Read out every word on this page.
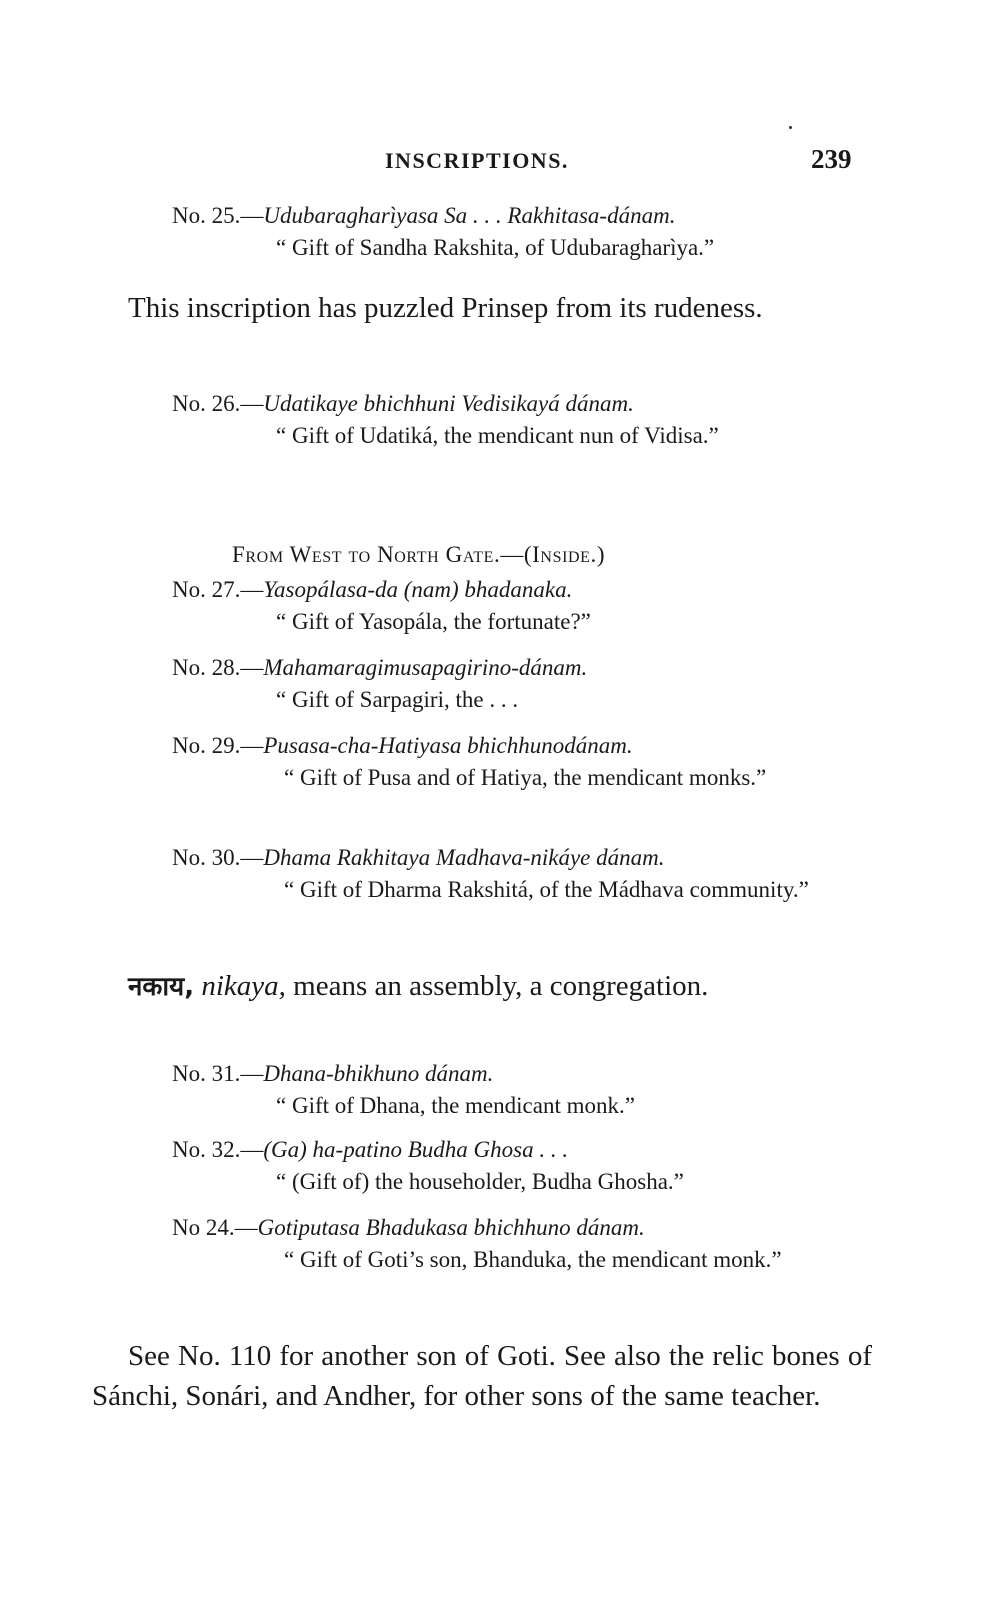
INSCRIPTIONS.	239
No. 25.—Udubaragharìyasa Sa . . . Rakhitasa-dánam.
“ Gift of Sandha Rakshita, of Udubaragharìya.”
This inscription has puzzled Prinsep from its rudeness.
No. 26.—Udatikaye bhichhuni Vedisikayá dánam.
“ Gift of Udatiká, the mendicant nun of Vidisa.”
From West to North Gate.—(Inside.)
No. 27.—Yasopálasa-da (nam) bhadanaka.
“ Gift of Yasopála, the fortunate?”
No. 28.—Mahamaragimusapagirino-dánam.
“ Gift of Sarpagiri, the . . .
No. 29.—Pusasa-cha-Hatiyasa bhichhunodánam.
“ Gift of Pusa and of Hatiya, the mendicant monks.”
No. 30.—Dhama Rakhitaya Madhava-nikáye dánam.
“ Gift of Dharma Rakshitá, of the Mádhava community.”
नकाय, nikaya, means an assembly, a congregation.
No. 31.—Dhana-bhikhuno dánam.
“ Gift of Dhana, the mendicant monk.”
No. 32.—(Ga) ha-patino Budha Ghosa . . .
“ (Gift of) the householder, Budha Ghosha.”
No 24.—Gotiputasa Bhadukasa bhichhuno dánam.
“ Gift of Goti’s son, Bhanduka, the mendicant monk.”
See No. 110 for another son of Goti. See also the relic bones of Sánchi, Sonári, and Andher, for other sons of the same teacher.
